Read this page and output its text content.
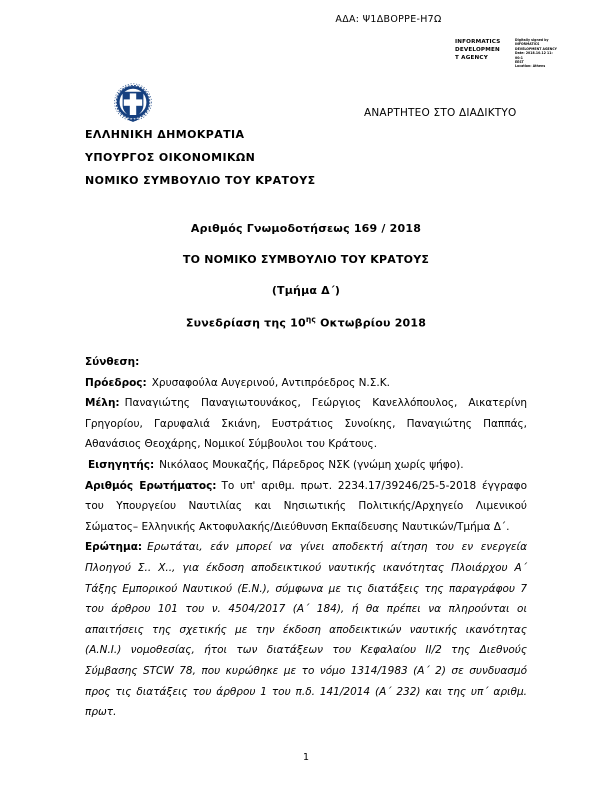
ΑΔΑ: Ψ1ΔΒΟΡΡΕ-Η7Ω
INFORMATICS
DEVELOPMEN
T AGENCY
Digitally signed by
INFORMATICS
DEVELOPMENT AGENCY
Date: 2018.10.12 11:
00:1
EEST
Location: Athens
ΑΝΑΡΤΗΤΕΟ ΣΤΟ ΔΙΑΔΙΚΤΥΟ
ΕΛΛΗΝΙΚΗ ΔΗΜΟΚΡΑΤΙΑ
ΥΠΟΥΡΓΟΣ ΟΙΚΟΝΟΜΙΚΩΝ
ΝΟΜΙΚΟ ΣΥΜΒΟΥΛΙΟ ΤΟΥ ΚΡΑΤΟΥΣ
Αριθμός Γνωμοδοτήσεως 169 / 2018
ΤΟ ΝΟΜΙΚΟ ΣΥΜΒΟΥΛΙΟ ΤΟΥ ΚΡΑΤΟΥΣ
(Τμήμα Δ΄)
Συνεδρίαση της $10^{\eta\varsigma}$ Οκτωβρίου 2018

Σύνθεση:

Πρόεδρος: Χρυσαφούλα Αυγερινού, Αντιπρόεδρος Ν.Σ.Κ.

Μέλη: Παναγιώτης Παναγιωτουνάκος, Γεώργιος Κανελλόπουλος, Αικατερίνη Γρηγορίου, Γαρυφαλιά Σκιάνη, Ευστράτιος Συνοίκης, Παναγιώτης Παππάς, Αθανάσιος Θεοχάρης, Νομικοί Σύμβουλοι του Κράτους.

Εισηγητής: Νικόλαος Μουκαζής, Πάρεδρος ΝΣΚ (γνώμη χωρίς ψήφο).

Αριθμός Ερωτήματος: Το υπ' αριθμ. πρωτ. 2234.17/39246/25-5-2018 έγγραφο του Υπουργείου Ναυτιλίας και Νησιωτικής Πολιτικής/Αρχηγείο Λιμενικού Σώματος– Ελληνικής Ακτοφυλακής/Διεύθυνση Εκπαίδευσης Ναυτικών/Τμήμα Δ΄.

Ερώτημα: Ερωτάται, εάν μπορεί να γίνει αποδεκτή αίτηση του εν ενεργεία Πλοηγού Σ.. Χ.., για έκδοση αποδεικτικού ναυτικής ικανότητας Πλοιάρχου Α΄ Τάξης Εμπορικού Ναυτικού (Ε.Ν.), σύμφωνα με τις διατάξεις της παραγράφου 7 του άρθρου 101 του ν. 4504/2017 (Α΄ 184), ή θα πρέπει να πληρούνται οι απαιτήσεις της σχετικής με την έκδοση αποδεικτικών ναυτικής ικανότητας (Α.Ν.Ι.) νομοθεσίας, ήτοι των διατάξεων του Κεφαλαίου ΙΙ/2 της Διεθνούς Σύμβασης STCW 78, που κυρώθηκε με το νόμο 1314/1983 (Α΄ 2) σε συνδυασμό προς τις διατάξεις του άρθρου 1 του π.δ. 141/2014 (Α΄ 232) και της υπ΄ αριθμ. πρωτ.

1
